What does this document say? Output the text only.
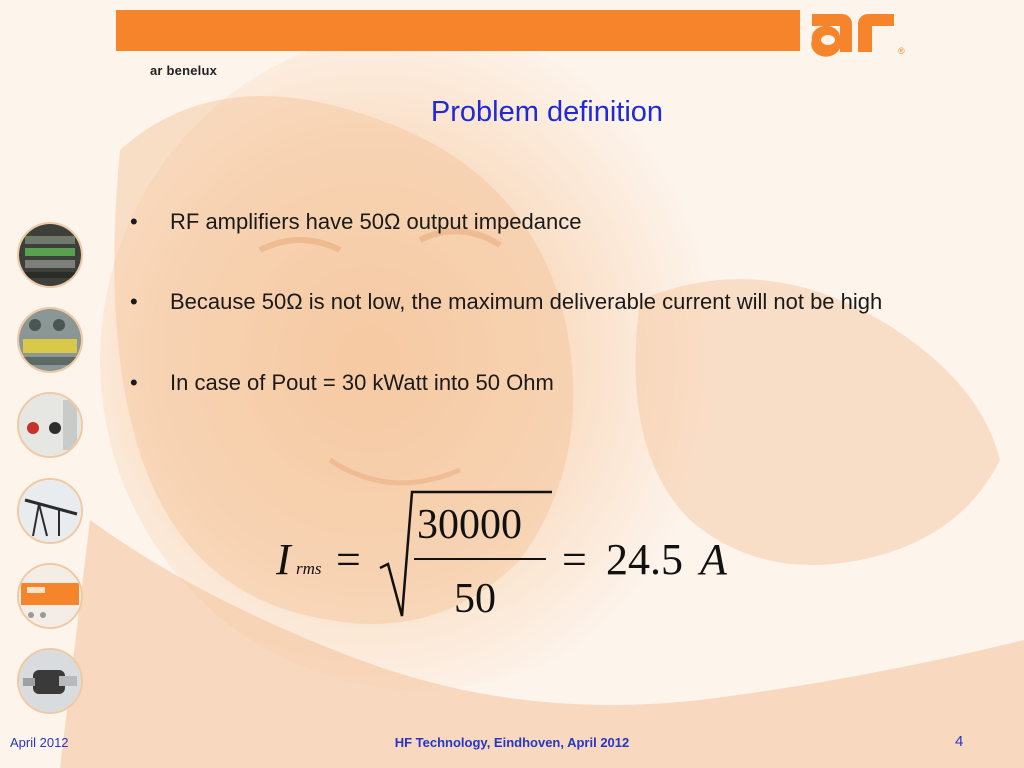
®
ar benelux
Problem definition
• RF amplifiers have 50Ω output impedance
• Because 50Ω is not low, the maximum deliverable current will not be high
• In case of Pout = 30 kWatt into 50 Ohm
I rms =
30000
50
= 24.5 A
April 2012	HF Technology, Eindhoven, April 2012	4
